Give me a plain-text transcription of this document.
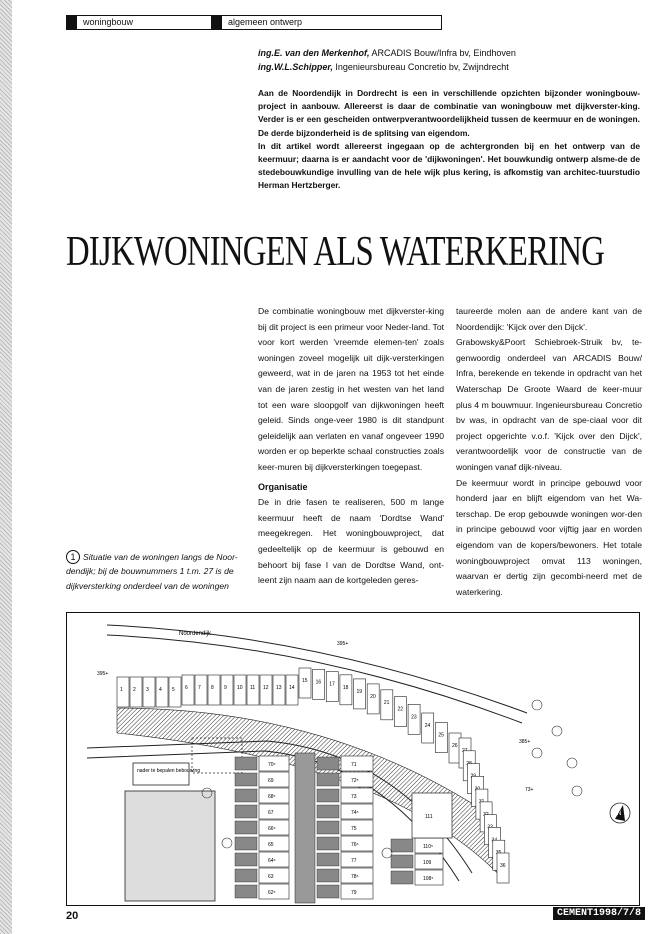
woningbouw	algemeen ontwerp
ing.E. van den Merkenhof, ARCADIS Bouw/Infra bv, Eindhoven
ing.W.L.Schipper, Ingenieursbureau Concretio bv, Zwijndrecht

Aan de Noordendijk in Dordrecht is een in verschillende opzichten bijzonder woningbouw-project in aanbouw. Allereerst is daar de combinatie van woningbouw met dijkverster-king. Verder is er een gescheiden ontwerpverantwoordelijkheid tussen de keermuur en de woningen. De derde bijzonderheid is de splitsing van eigendom.

In dit artikel wordt allereerst ingegaan op de achtergronden bij en het ontwerp van de keermuur; daarna is er aandacht voor de 'dijkwoningen'. Het bouwkundig ontwerp alsme-de de stedebouwkundige invulling van de hele wijk plus kering, is afkomstig van architec-tuurstudio Herman Hertzberger.

DIJKWONINGEN ALS WATERKERING

De combinatie woningbouw met dijkverster-king bij dit project is een primeur voor Neder-land. Tot voor kort werden 'vreemde elemen-ten' zoals woningen zoveel mogelijk uit dijk-versterkingen geweerd, wat in de jaren na 1953 tot het einde van de jaren zestig in het westen van het land tot een ware sloopgolf van dijkwoningen heeft geleid. Sinds onge-veer 1980 is dit standpunt geleidelijk aan verlaten en vanaf ongeveer 1990 worden er op beperkte schaal constructies zoals keer-muren bij dijkversterkingen toegepast.

Organisatie

De in drie fasen te realiseren, 500 m lange keermuur heeft de naam 'Dordtse Wand' meegekregen. Het woningbouwproject, dat gedeeltelijk op de keermuur is gebouwd en behoort bij fase I van de Dordtse Wand, ont-leent zijn naam aan de kortgeleden geres-

taureerde molen aan de andere kant van de Noordendijk: 'Kijck over den Dijck'.

Grabowsky&Poort Schiebroek-Struik bv, te-genwoordig onderdeel van ARCADIS Bouw/ Infra, berekende en tekende in opdracht van het Waterschap De Groote Waard de keer-muur plus 4 m bouwmuur. Ingenieursbureau Concretio bv was, in opdracht van de spe-ciaal voor dit project opgerichte v.o.f. 'Kijck over den Dijck', verantwoordelijk voor de constructie van de woningen vanaf dijk-niveau.

De keermuur wordt in principe gebouwd voor honderd jaar en blijft eigendom van het Wa-terschap. De erop gebouwde woningen wor-den in principe gebouwd voor vijftig jaar en worden eigendom van de kopers/bewoners. Het totale woningbouwproject omvat 113 woningen, waarvan er dertig zijn gecombi-neerd met de waterkering.

1 Situatie van de woningen langs de Noor-dendijk; bij de bouwnummers 1 t.m. 27 is de dijkversterking onderdeel van de woningen
Noordendijk
395+
395+
385+
73+
1 2 3 4 5 6 7 8 9 10 11 12 13 14
15 16 17
18
19
20
21
22
23
24
25
26
36
nader te bepalen bebouwing
70⁵
69
68⁵
67
66⁵
65
64⁵
63
62⁵
71
72⁵
73
74⁵
75
76⁵
77
78⁵
79
110⁵
109
108⁵
111	N
20	CEMENT1998/7/8
